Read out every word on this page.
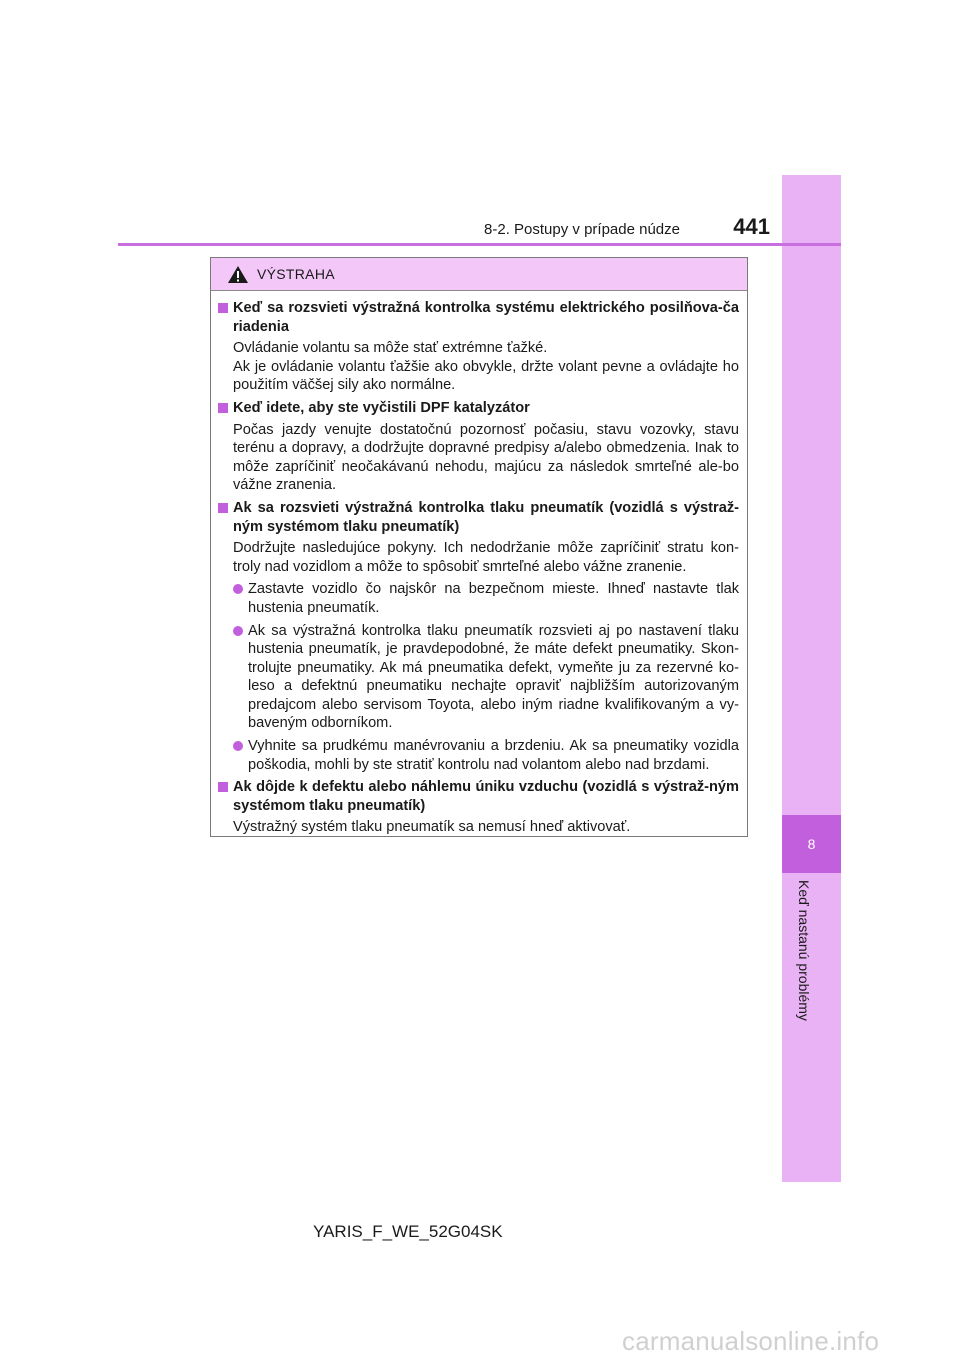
8
Keď nastanú problémy
8-2. Postupy v prípade núdze	441
VÝSTRAHA
Keď sa rozsvieti výstražná kontrolka systému elektrického posilňova-ča riadenia
Ovládanie volantu sa môže stať extrémne ťažké.
Ak je ovládanie volantu ťažšie ako obvykle, držte volant pevne a ovládajte ho použitím väčšej sily ako normálne.
Keď idete, aby ste vyčistili DPF katalyzátor
Počas jazdy venujte dostatočnú pozornosť počasiu, stavu vozovky, stavu terénu a dopravy, a dodržujte dopravné predpisy a/alebo obmedzenia. Inak to môže zapríčiniť neočakávanú nehodu, majúcu za následok smrteľné ale-bo vážne zranenia.
Ak sa rozsvieti výstražná kontrolka tlaku pneumatík (vozidlá s výstraž-ným systémom tlaku pneumatík)
Dodržujte nasledujúce pokyny. Ich nedodržanie môže zapríčiniť stratu kon-troly nad vozidlom a môže to spôsobiť smrteľné alebo vážne zranenie.
Zastavte vozidlo čo najskôr na bezpečnom mieste. Ihneď nastavte tlak hustenia pneumatík.
Ak sa výstražná kontrolka tlaku pneumatík rozsvieti aj po nastavení tlaku hustenia pneumatík, je pravdepodobné, že máte defekt pneumatiky. Skon-trolujte pneumatiky. Ak má pneumatika defekt, vymeňte ju za rezervné ko-leso a defektnú pneumatiku nechajte opraviť najbližším autorizovaným predajcom alebo servisom Toyota, alebo iným riadne kvalifikovaným a vy-baveným odborníkom.
Vyhnite sa prudkému manévrovaniu a brzdeniu. Ak sa pneumatiky vozidla poškodia, mohli by ste stratiť kontrolu nad volantom alebo nad brzdami.
Ak dôjde k defektu alebo náhlemu úniku vzduchu (vozidlá s výstraž-ným systémom tlaku pneumatík)
Výstražný systém tlaku pneumatík sa nemusí hneď aktivovať.
YARIS_F_WE_52G04SK
carmanualsonline.info
